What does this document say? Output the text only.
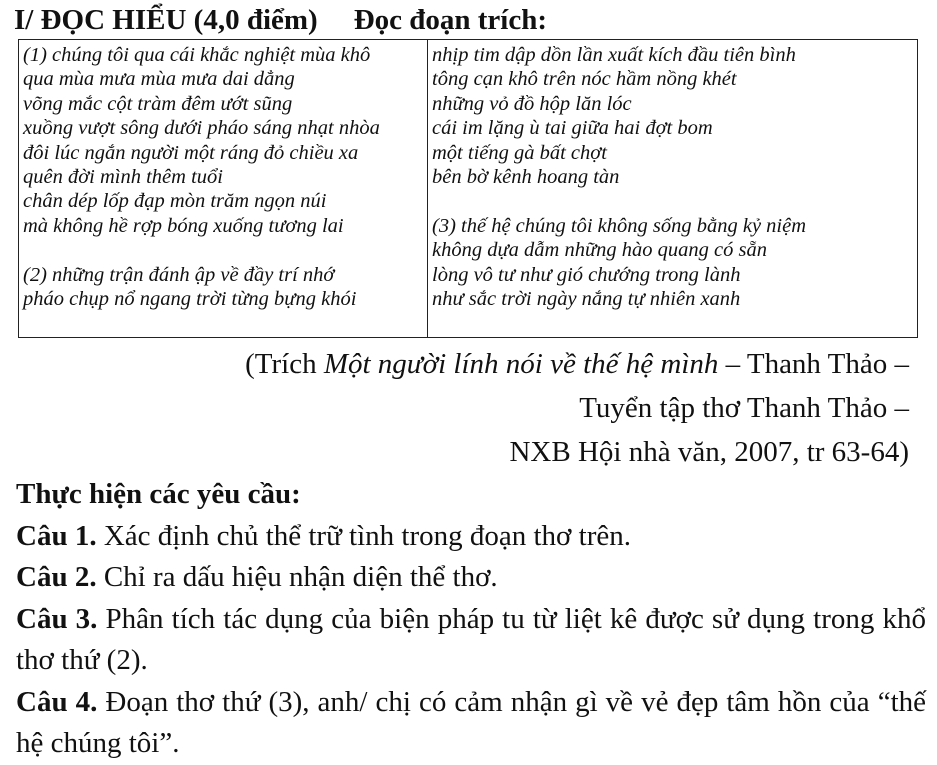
I/ ĐỌC HIỂU (4,0 điểm) Đọc đoạn trích:
(1) chúng tôi qua cái khắc nghiệt mùa khô
qua mùa mưa mùa mưa dai dẳng
võng mắc cột tràm đêm ướt sũng
xuồng vượt sông dưới pháo sáng nhạt nhòa
đôi lúc ngắn người một ráng đỏ chiều xa
quên đời mình thêm tuổi
chân dép lốp đạp mòn trăm ngọn núi
mà không hề rợp bóng xuống tương lai
(2) những trận đánh ập về đầy trí nhớ
pháo chụp nổ ngang trời từng bựng khói
nhịp tim dập dồn lần xuất kích đầu tiên bình
tông cạn khô trên nóc hầm nồng khét
những vỏ đồ hộp lăn lóc
cái im lặng ù tai giữa hai đợt bom
một tiếng gà bất chợt
bên bờ kênh hoang tàn
(3) thế hệ chúng tôi không sống bằng kỷ niệm
không dựa dẫm những hào quang có sẵn
lòng vô tư như gió chướng trong lành
như sắc trời ngày nắng tự nhiên xanh
(Trích Một người lính nói về thế hệ mình – Thanh Thảo –
Tuyển tập thơ Thanh Thảo –
NXB Hội nhà văn, 2007, tr 63-64)
Thực hiện các yêu cầu:
Câu 1. Xác định chủ thể trữ tình trong đoạn thơ trên.
Câu 2. Chỉ ra dấu hiệu nhận diện thể thơ.
Câu 3. Phân tích tác dụng của biện pháp tu từ liệt kê được sử dụng trong khổ thơ thứ (2).
Câu 4. Đoạn thơ thứ (3), anh/ chị có cảm nhận gì về vẻ đẹp tâm hồn của “thế hệ chúng tôi”.
